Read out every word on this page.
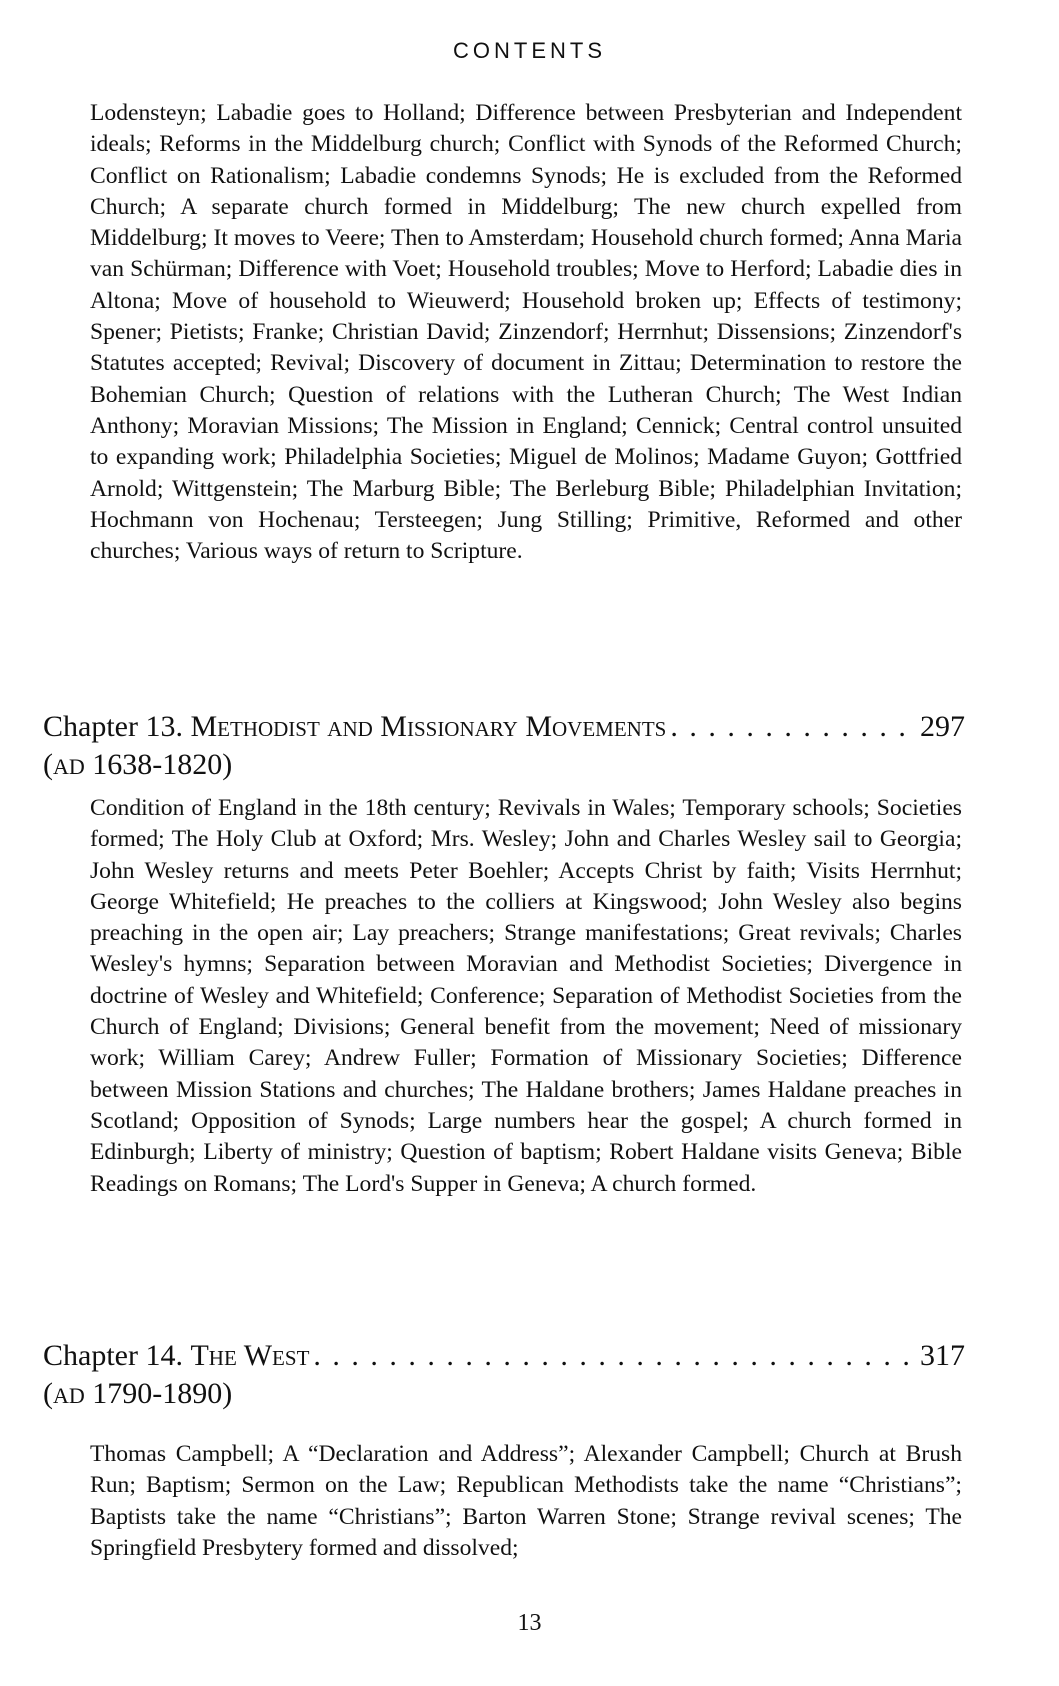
CONTENTS
Lodensteyn; Labadie goes to Holland; Difference between Presbyterian and Independent ideals; Reforms in the Middelburg church; Conflict with Synods of the Reformed Church; Conflict on Rationalism; Labadie condemns Synods; He is excluded from the Reformed Church; A separate church formed in Middelburg; The new church expelled from Middelburg; It moves to Veere; Then to Amsterdam; Household church formed; Anna Maria van Schürman; Difference with Voet; Household troubles; Move to Herford; Labadie dies in Altona; Move of household to Wieuwerd; Household broken up; Effects of testimony; Spener; Pietists; Franke; Christian David; Zinzendorf; Herrnhut; Dissensions; Zinzendorf's Statutes accepted; Revival; Discovery of document in Zittau; Determination to restore the Bohemian Church; Question of relations with the Lutheran Church; The West Indian Anthony; Moravian Missions; The Mission in England; Cennick; Central control unsuited to expanding work; Philadelphia Societies; Miguel de Molinos; Madame Guyon; Gottfried Arnold; Wittgenstein; The Marburg Bible; The Berleburg Bible; Philadelphian Invitation; Hochmann von Hochenau; Tersteegen; Jung Stilling; Primitive, Reformed and other churches; Various ways of return to Scripture.
Chapter 13.
Methodist and Missionary Movements . . .	297
(AD 1638-1820)
Condition of England in the 18th century; Revivals in Wales; Temporary schools; Societies formed; The Holy Club at Oxford; Mrs. Wesley; John and Charles Wesley sail to Georgia; John Wesley returns and meets Peter Boehler; Accepts Christ by faith; Visits Herrnhut; George Whitefield; He preaches to the colliers at Kingswood; John Wesley also begins preaching in the open air; Lay preachers; Strange manifestations; Great revivals; Charles Wesley's hymns; Separation between Moravian and Methodist Societies; Divergence in doctrine of Wesley and Whitefield; Conference; Separation of Methodist Societies from the Church of England; Divisions; General benefit from the movement; Need of missionary work; William Carey; Andrew Fuller; Formation of Missionary Societies; Difference between Mission Stations and churches; The Haldane brothers; James Haldane preaches in Scotland; Opposition of Synods; Large numbers hear the gospel; A church formed in Edinburgh; Liberty of ministry; Question of baptism; Robert Haldane visits Geneva; Bible Readings on Romans; The Lord's Supper in Geneva; A church formed.
Chapter 14.
The West . . .	317
(AD 1790-1890)
Thomas Campbell; A “Declaration and Address”; Alexander Campbell; Church at Brush Run; Baptism; Sermon on the Law; Republican Methodists take the name “Christians”; Baptists take the name “Christians”; Barton Warren Stone; Strange revival scenes; The Springfield Presbytery formed and dissolved;
13
